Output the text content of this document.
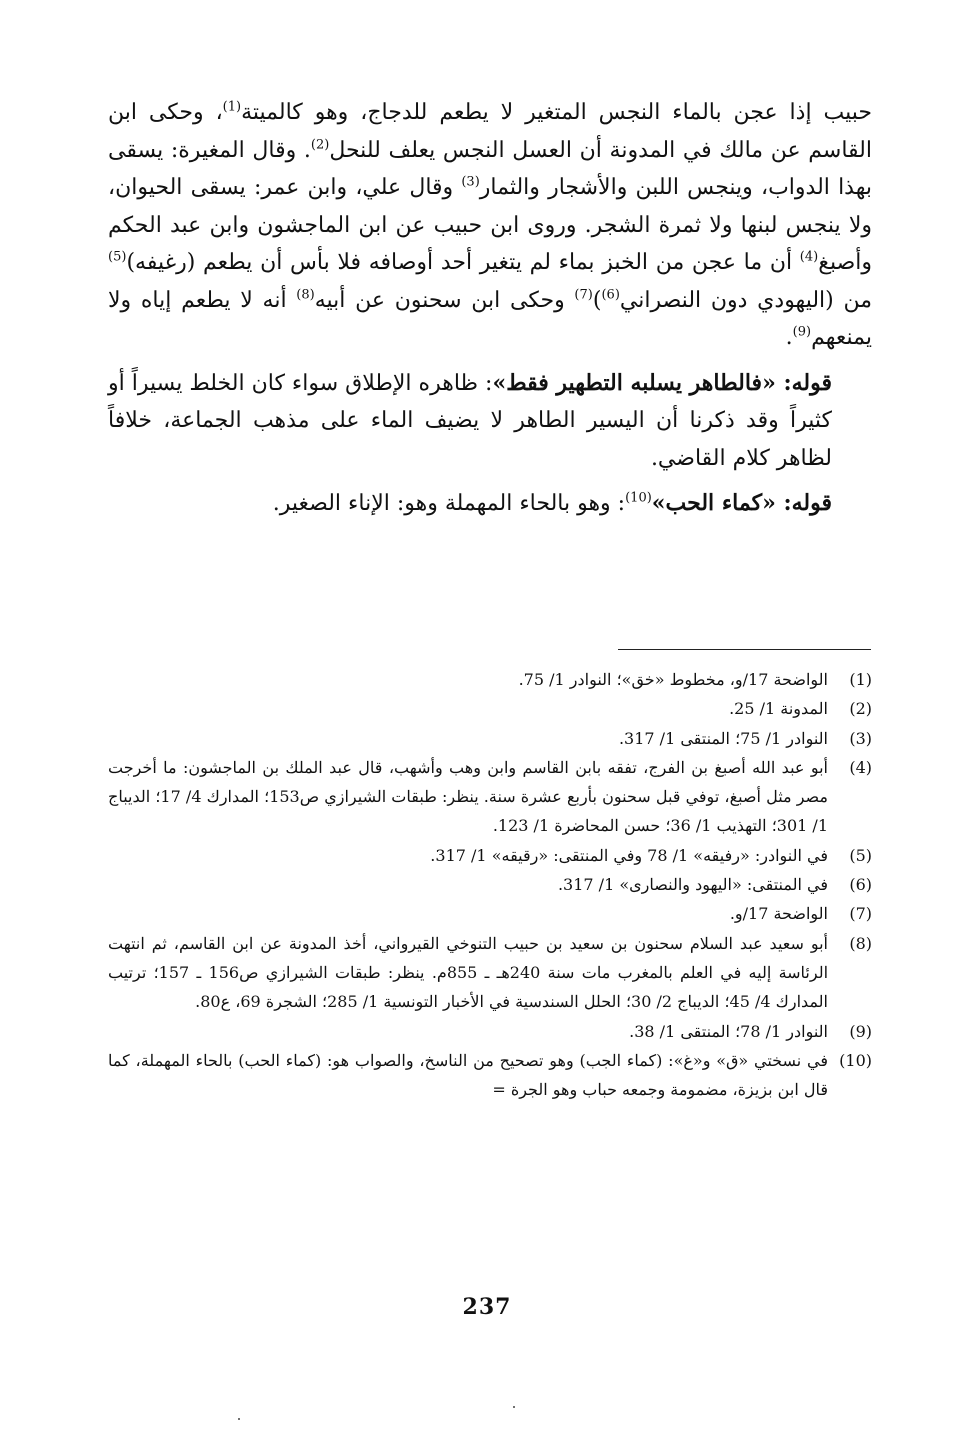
حبيب إذا عجن بالماء النجس المتغير لا يطعم للدجاج، وهو كالميتة$^{(1)}$، وحكى ابن القاسم عن مالك في المدونة أن العسل النجس يعلف للنحل$^{(2)}$. وقال المغيرة: يسقى بهذا الدواب، وينجس اللبن والأشجار والثمار$^{(3)}$ وقال علي، وابن عمر: يسقى الحيوان، ولا ينجس لبنها ولا ثمرة الشجر. وروى ابن حبيب عن ابن الماجشون وابن عبد الحكم وأصبغ$^{(4)}$ أن ما عجن من الخبز بماء لم يتغير أحد أوصافه فلا بأس أن يطعم (رغيفه)$^{(5)}$ من (اليهودي دون النصراني$^{(6)}$)$^{(7)}$ وحكى ابن سحنون عن أبيه$^{(8)}$ أنه لا يطعم إياه ولا يمنعهم$^{(9)}$.

قوله: «فالطاهر يسلبه التطهير فقط»: ظاهره الإطلاق سواء كان الخلط يسيراً أو كثيراً وقد ذكرنا أن اليسير الطاهر لا يضيف الماء على مذهب الجماعة، خلافاً لظاهر كلام القاضي.

قوله: «كماء الحب»$^{(10)}$: وهو بالحاء المهملة وهو: الإناء الصغير.

(1)
الواضحة 17/و، مخطوط «خق»؛ النوادر 1/ 75.
(2)
المدونة 1/ 25.
(3)
النوادر 1/ 75؛ المنتقى 1/ 317.
(4)
أبو عبد الله أصبغ بن الفرج، تفقه بابن القاسم وابن وهب وأشهب، قال عبد الملك بن الماجشون: ما أخرجت مصر مثل أصبغ، توفي قبل سحنون بأربع عشرة سنة. ينظر: طبقات الشيرازي ص153؛ المدارك 4/ 17؛ الديباج 1/ 301؛ التهذيب 1/ 36؛ حسن المحاضرة 1/ 123.
(5)
في النوادر: «رفيقه» 1/ 78 وفي المنتقى: «رقيقه» 1/ 317.
(6)
في المنتقى: «اليهود والنصارى» 1/ 317.
(7)
الواضحة 17/و.
(8)
أبو سعيد عبد السلام سحنون بن سعيد بن حبيب التنوخي القيرواني، أخذ المدونة عن ابن القاسم، ثم انتهت الرئاسة إليه في العلم بالمغرب مات سنة 240هـ ـ 855م. ينظر: طبقات الشيرازي ص156 ـ 157؛ ترتيب المدارك 4/ 45؛ الديباج 2/ 30؛ الحلل السندسية في الأخبار التونسية 1/ 285؛ الشجرة 69، ع80.
(9)
النوادر 1/ 78؛ المنتقى 1/ 38.
(10)
في نسختي «ق» و«غ»: (كماء الجب) وهو تصحيح من الناسخ، والصواب هو: (كماء الحب) بالحاء المهملة، كما قال ابن بزيزة، مضمومة وجمعه حباب وهو الجرة =
237
